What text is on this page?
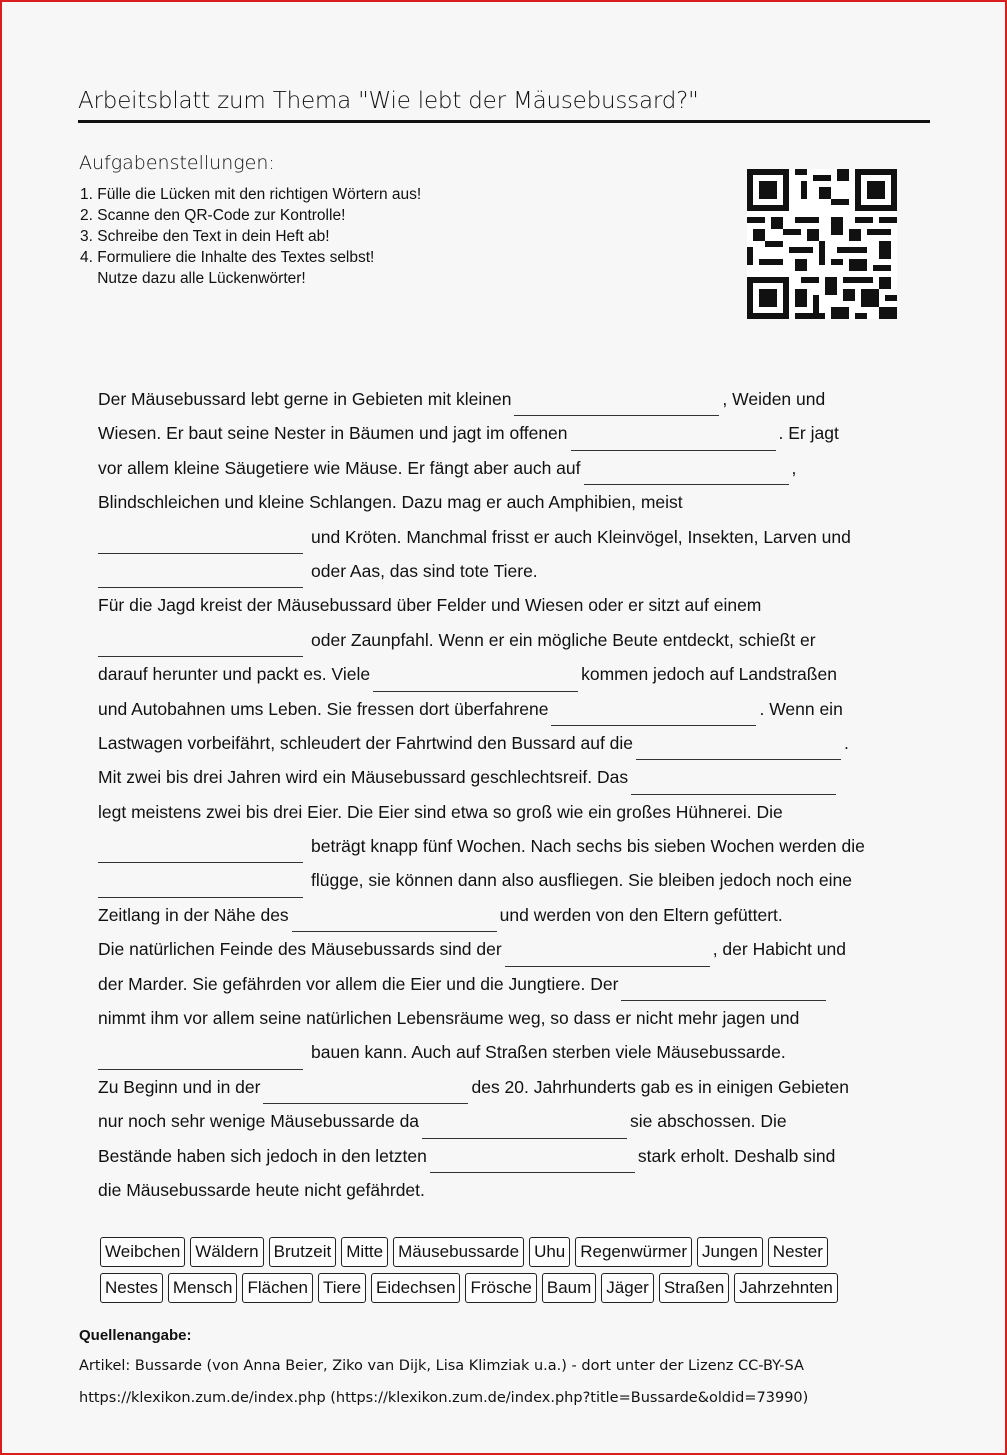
Arbeitsblatt zum Thema "Wie lebt der Mäusebussard?"
Aufgabenstellungen:
1. Fülle die Lücken mit den richtigen Wörtern aus!
2. Scanne den QR-Code zur Kontrolle!
3. Schreibe den Text in dein Heft ab!
4. Formuliere die Inhalte des Textes selbst!
Nutze dazu alle Lückenwörter!
Der Mäusebussard lebt gerne in Gebieten mit kleinen	, Weiden und
Wiesen. Er baut seine Nester in Bäumen und jagt im offenen	. Er jagt
vor allem kleine Säugetiere wie Mäuse. Er fängt aber auch auf	,
Blindschleichen und kleine Schlangen. Dazu mag er auch Amphibien, meist
und Kröten. Manchmal frisst er auch Kleinvögel, Insekten, Larven und
oder Aas, das sind tote Tiere.
Für die Jagd kreist der Mäusebussard über Felder und Wiesen oder er sitzt auf einem
oder Zaunpfahl. Wenn er ein mögliche Beute entdeckt, schießt er
darauf herunter und packt es. Viele	kommen jedoch auf Landstraßen
und Autobahnen ums Leben. Sie fressen dort überfahrene	. Wenn ein
Lastwagen vorbeifährt, schleudert der Fahrtwind den Bussard auf die	.
Mit zwei bis drei Jahren wird ein Mäusebussard geschlechtsreif. Das
legt meistens zwei bis drei Eier. Die Eier sind etwa so groß wie ein großes Hühnerei. Die
beträgt knapp fünf Wochen. Nach sechs bis sieben Wochen werden die
flügge, sie können dann also ausfliegen. Sie bleiben jedoch noch eine
Zeitlang in der Nähe des	und werden von den Eltern gefüttert.
Die natürlichen Feinde des Mäusebussards sind der	, der Habicht und
der Marder. Sie gefährden vor allem die Eier und die Jungtiere. Der
nimmt ihm vor allem seine natürlichen Lebensräume weg, so dass er nicht mehr jagen und
bauen kann. Auch auf Straßen sterben viele Mäusebussarde.
Zu Beginn und in der	des 20. Jahrhunderts gab es in einigen Gebieten
nur noch sehr wenige Mäusebussarde da	sie abschossen. Die
Bestände haben sich jedoch in den letzten	stark erholt. Deshalb sind
die Mäusebussarde heute nicht gefährdet.
Weibchen Wäldern Brutzeit Mitte Mäusebussarde Uhu Regenwürmer Jungen Nester
Nestes Mensch Flächen Tiere Eidechsen Frösche Baum Jäger Straßen Jahrzehnten
Quellenangabe:
Artikel: Bussarde (von Anna Beier, Ziko van Dijk, Lisa Klimziak u.a.) - dort unter der Lizenz CC-BY-SA
https://klexikon.zum.de/index.php (https://klexikon.zum.de/index.php?title=Bussarde&oldid=73990)
